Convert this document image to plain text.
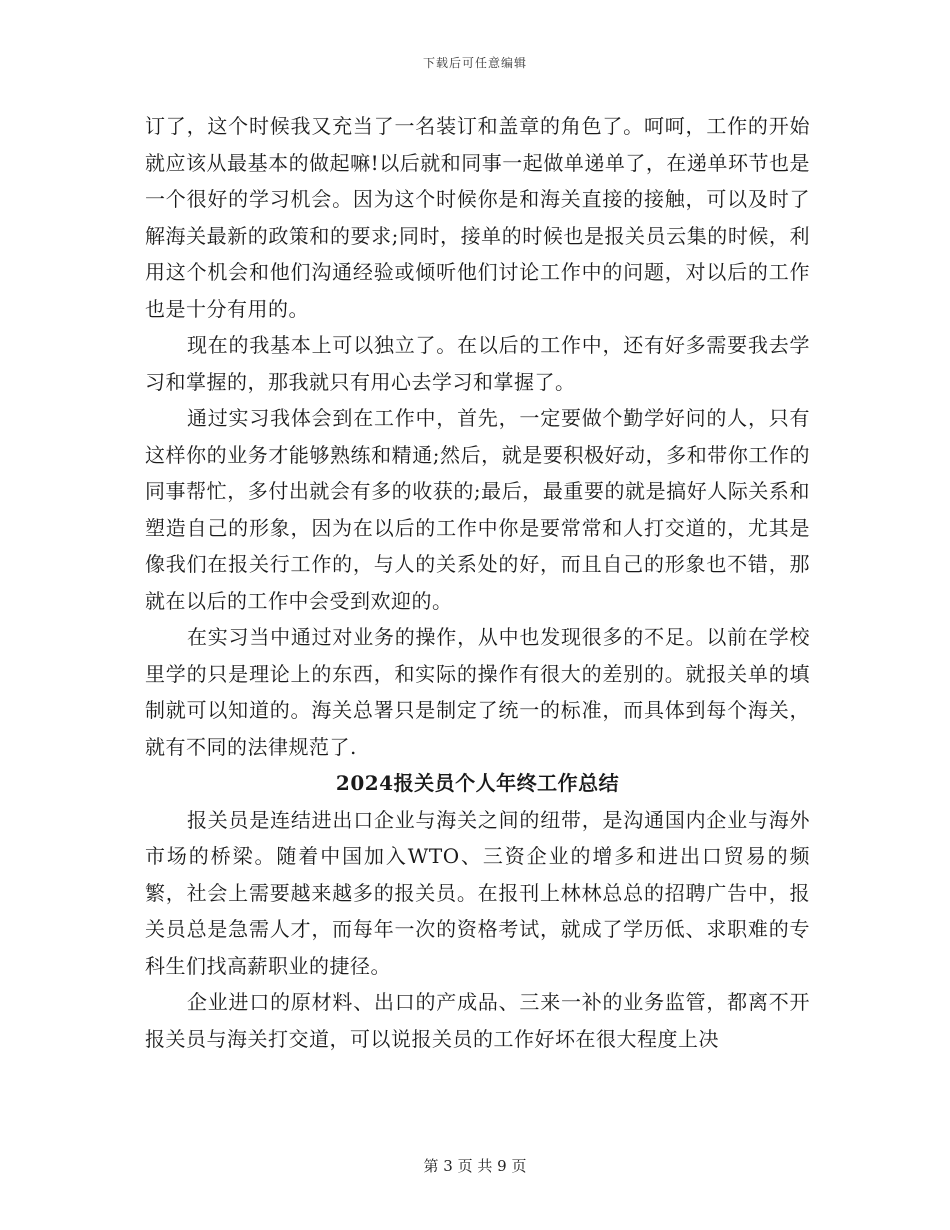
下载后可任意编辑

订了，这个时候我又充当了一名装订和盖章的角色了。呵呵，工作的开始就应该从最基本的做起嘛!以后就和同事一起做单递单了，在递单环节也是一个很好的学习机会。因为这个时候你是和海关直接的接触，可以及时了解海关最新的政策和的要求;同时，接单的时候也是报关员云集的时候，利用这个机会和他们沟通经验或倾听他们讨论工作中的问题，对以后的工作也是十分有用的。

现在的我基本上可以独立了。在以后的工作中，还有好多需要我去学习和掌握的，那我就只有用心去学习和掌握了。

通过实习我体会到在工作中，首先，一定要做个勤学好问的人，只有这样你的业务才能够熟练和精通;然后，就是要积极好动，多和带你工作的同事帮忙，多付出就会有多的收获的;最后，最重要的就是搞好人际关系和塑造自己的形象，因为在以后的工作中你是要常常和人打交道的，尤其是像我们在报关行工作的，与人的关系处的好，而且自己的形象也不错，那就在以后的工作中会受到欢迎的。

在实习当中通过对业务的操作，从中也发现很多的不足。以前在学校里学的只是理论上的东西，和实际的操作有很大的差别的。就报关单的填制就可以知道的。海关总署只是制定了统一的标准，而具体到每个海关，就有不同的法律规范了.

2024报关员个人年终工作总结

报关员是连结进出口企业与海关之间的纽带，是沟通国内企业与海外市场的桥梁。随着中国加入WTO、三资企业的增多和进出口贸易的频繁，社会上需要越来越多的报关员。在报刊上林林总总的招聘广告中，报关员总是急需人才，而每年一次的资格考试，就成了学历低、求职难的专科生们找高薪职业的捷径。

企业进口的原材料、出口的产成品、三来一补的业务监管，都离不开报关员与海关打交道，可以说报关员的工作好坏在很大程度上决

第 3 页 共 9 页
